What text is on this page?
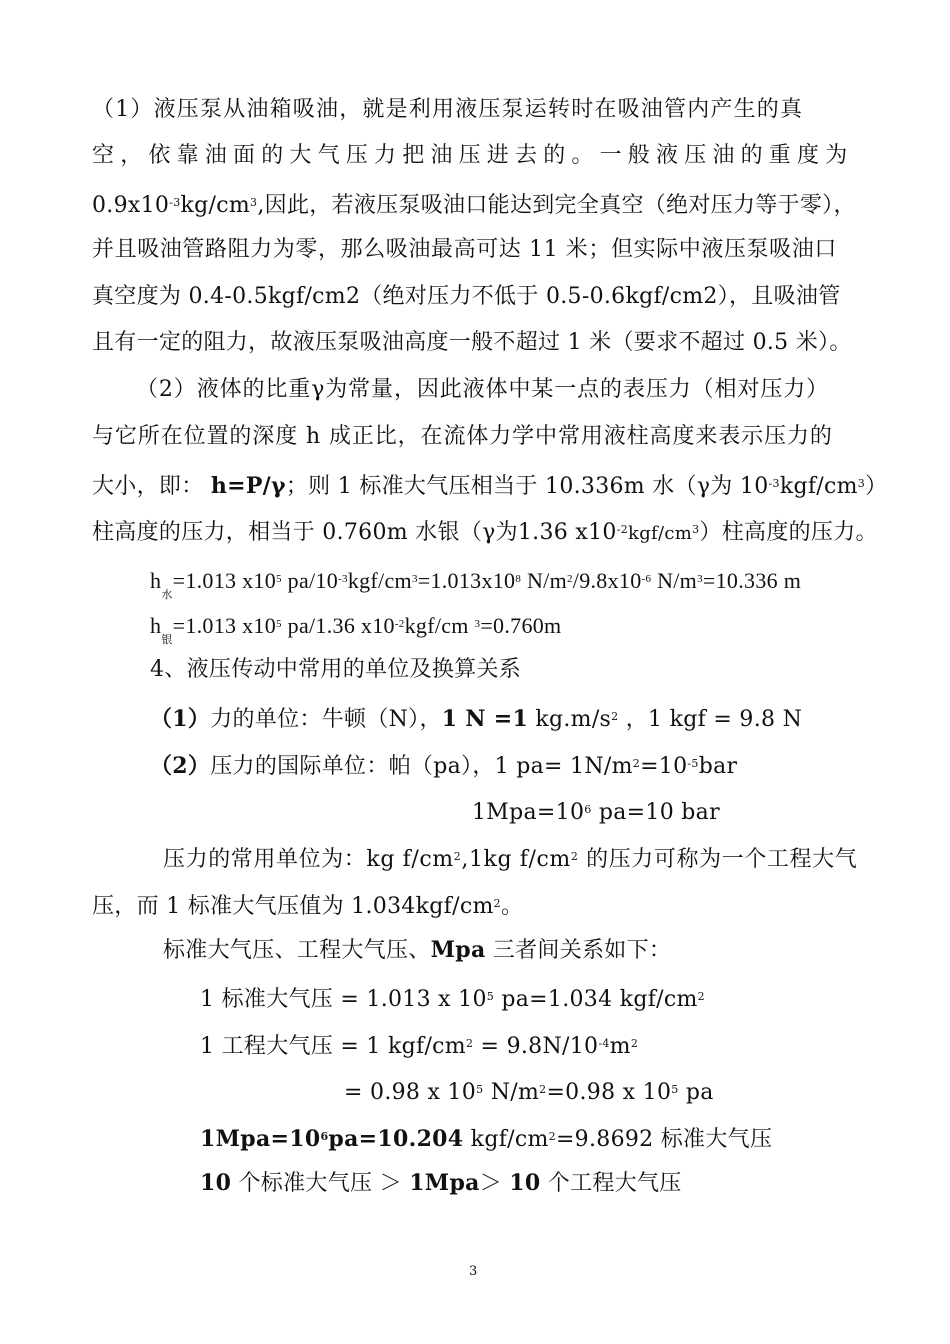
（1）液压泵从油箱吸油，就是利用液压泵运转时在吸油管内产生的真
空，依靠油面的大气压力把油压进去的。一般液压油的重度为
$0.9x10^{-3}kg/cm^3$,因此，若液压泵吸油口能达到完全真空（绝对压力等于零），
并且吸油管路阻力为零，那么吸油最高可达 11 米；但实际中液压泵吸油口
真空度为 0.4-0.5kgf/cm2（绝对压力不低于 0.5-0.6kgf/cm2），且吸油管
且有一定的阻力，故液压泵吸油高度一般不超过 1 米（要求不超过 0.5 米）。
（2）液体的比重γ为常量，因此液体中某一点的表压力（相对压力）
与它所在位置的深度 h 成正比，在流体力学中常用液柱高度来表示压力的
大小，即： h=P/γ；则 1 标准大气压相当于 10.336m 水（γ为 $10^{-3}kgf/cm^3$）
柱高度的压力，相当于 0.760m 水银（γ为1.36 $x10^{-2}kgf/cm^3$）柱高度的压力。
$h_水=1.013$ $x10^5$ $pa/10^{-3}kgf/cm^3=1.013x10^8$ $N/m^2/9.8x10^{-6}$ $N/m^3=10.336$ m
$h_银=1.013$ $x10^5$ pa/1.36 $x10^{-2}kgf/cm$ $^3$=0.760m
4、液压传动中常用的单位及换算关系
（1）力的单位：牛顿（N），1 N =1 $kg.m/s^2$ ，1 kgf = 9.8 N
（2）压力的国际单位：帕（pa），1 $pa= 1N/m^2=10^{-5}bar$
$1Mpa=10^6$ pa=10 bar
压力的常用单位为：kg $f/cm^2,1kg$ $f/cm^2$ 的压力可称为一个工程大气
压，而 1 标准大气压值为 $1.034kgf/cm^2$。
标准大气压、工程大气压、Mpa 三者间关系如下：
1 标准大气压 = 1.013 x $10^5$ pa=1.034 kgf/$cm^2$
1 工程大气压 = 1 kgf/$cm^2 = 9.8N/10^{-4}m^2$
= 0.98 x $10^5$ $N/m^2=0.98$ x $10^5$ pa
$1Mpa=10^6pa=10.204$ kgf/$cm^2=9.8692$ 标准大气压
10 个标准大气压 ＞ 1Mpa＞ 10 个工程大气压
3
